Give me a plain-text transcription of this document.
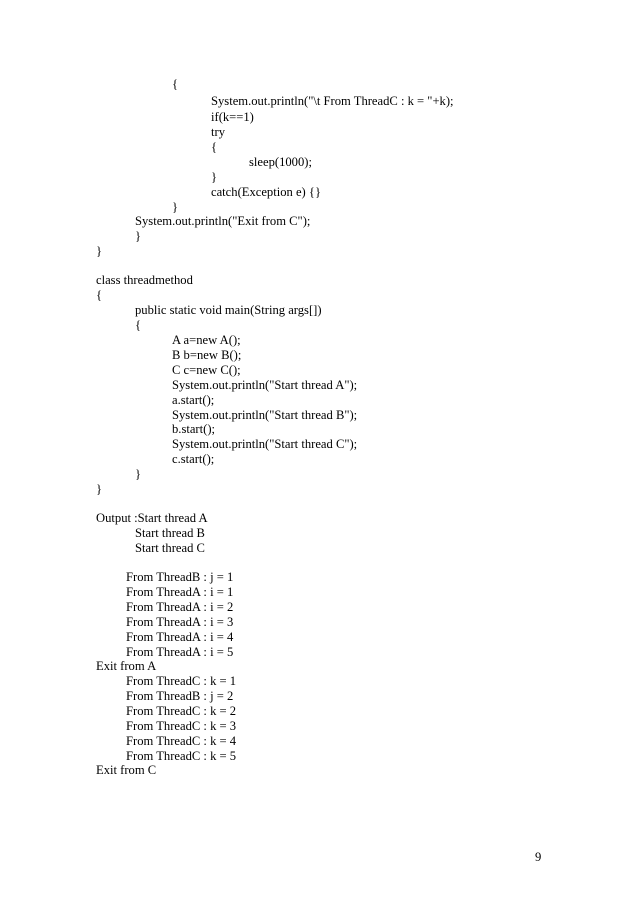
{
System.out.println("\t From ThreadC : k = "+k);
if(k==1)
try
{
sleep(1000);
}
catch(Exception e) {}
}
System.out.println("Exit from C");
}
}
class threadmethod
{
public static void main(String args[])
{
A a=new A();
B b=new B();
C c=new C();
System.out.println("Start thread A");
a.start();
System.out.println("Start thread B");
b.start();
System.out.println("Start thread C");
c.start();
}
}
Output :Start thread A
Start thread B
Start thread C
From ThreadB : j = 1
From ThreadA : i = 1
From ThreadA : i = 2
From ThreadA : i = 3
From ThreadA : i = 4
From ThreadA : i = 5
Exit from A
From ThreadC : k = 1
From ThreadB : j = 2
From ThreadC : k = 2
From ThreadC : k = 3
From ThreadC : k = 4
From ThreadC : k = 5
Exit from C
9
